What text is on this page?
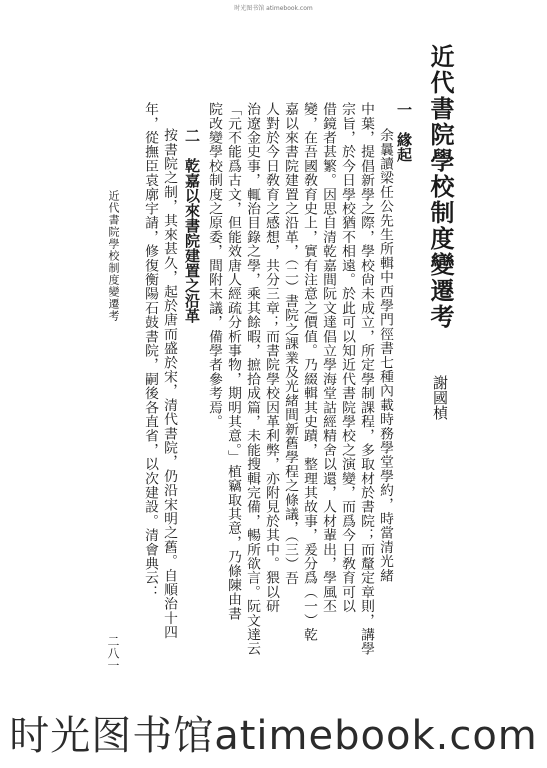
时光图书馆 atimebook.com
近代書院學校制度變遷考
謝國楨
一　緣起
余曩讀梁任公先生所輯中西學門徑書七種內載時務學堂學約，時當清光緒
中葉，提倡新學之際，學校尙未成立，所定學制課程，多取材於書院；而釐定章則，講學
宗旨，於今日學校猶不相遠。於此可以知近代書院學校之演變，而爲今日敎育可以
借鏡者甚繁。因思自清乾嘉間阮文達倡立學海堂詁經精舍以還，人材輩出，學風丕
變，在吾國敎育史上，實有注意之價值。乃綴輯其史蹟，整理其故事，爰分爲（一）乾
嘉以來書院建置之沿革，（二）書院之課業及光緒間新舊學程之條議，（三）吾
人對於今日敎育之感想，共分三章；而書院學校因革利弊，亦附見於其中。猥以研
治遼金史事，輒治目錄之學，乘其餘暇，摭拾成篇，未能搜輯完備，暢所欲言。阮文達云
「元不能爲古文，但能效唐人經疏分析事物，期明其意。」植竊取其意，乃條陳由書
院改變學校制度之原委，間附末議，備學者參考焉。
二　乾嘉以來書院建置之沿革
按書院之制，其來甚久，起於唐而盛於宋，清代書院，仍沿宋明之舊。自順治十四
年，從撫臣袁廓宇請，修復衡陽石鼓書院，嗣後各直省，以次建設。清會典云：
近代書院學校制度變遷考
二八一
时光图书馆atimebook.com
